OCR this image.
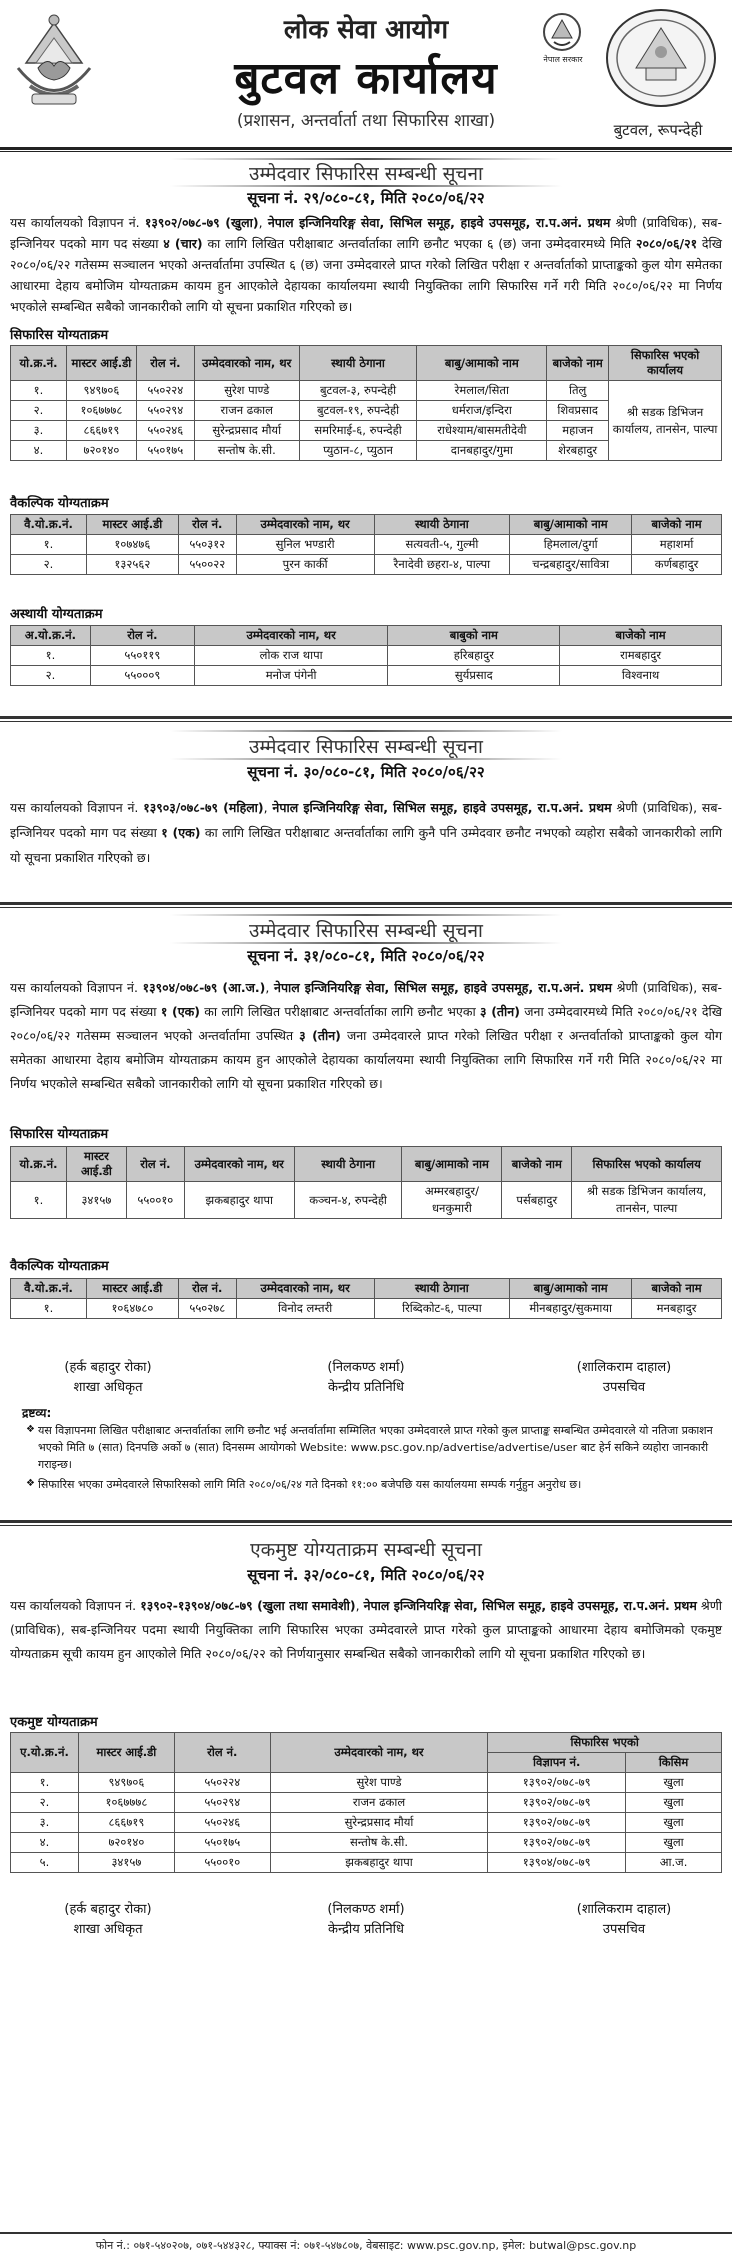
लोक सेवा आयोग
बुटवल कार्यालय
(प्रशासन, अन्तर्वार्ता तथा सिफारिस शाखा)
नेपाल सरकार
बुटवल, रूपन्देही
उम्मेदवार सिफारिस सम्बन्धी सूचना
सूचना नं. २९/०८०-८१, मिति २०८०/०६/२२

यस कार्यालयको विज्ञापन नं. १३९०२/०७८-७९ (खुला), नेपाल इन्जिनियरिङ्ग सेवा, सिभिल समूह, हाइवे उपसमूह, रा.प.अनं. प्रथम श्रेणी (प्राविधिक), सब-इन्जिनियर पदको माग पद संख्या ४ (चार) का लागि लिखित परीक्षाबाट अन्तर्वार्ताका लागि छनौट भएका ६ (छ) जना उम्मेदवारमध्ये मिति २०८०/०६/२१ देखि २०८०/०६/२२ गतेसम्म सञ्चालन भएको अन्तर्वार्तामा उपस्थित ६ (छ) जना उम्मेदवारले प्राप्त गरेको लिखित परीक्षा र अन्तर्वार्ताको प्राप्ताङ्कको कुल योग समेतका आधारमा देहाय बमोजिम योग्यताक्रम कायम हुन आएकोले देहायका कार्यालयमा स्थायी नियुक्तिका लागि सिफारिस गर्ने गरी मिति २०८०/०६/२२ मा निर्णय भएकोले सम्बन्धित सबैको जानकारीको लागि यो सूचना प्रकाशित गरिएको छ।

सिफारिस योग्यताक्रम
यो.क्र.नं.	मास्टर आई.डी	रोल नं.	उम्मेदवारको नाम, थर	स्थायी ठेगाना	बाबु/आमाको नाम	बाजेको नाम	सिफारिस भएको कार्यालय
१.	९४९७०६	५५०२२४	सुरेश पाण्डे	बुटवल-३, रुपन्देही	रेमलाल/सिता	तिलु	श्री सडक डिभिजन कार्यालय, तानसेन, पाल्पा
२.	१०६७७७८	५५०२९४	राजन ढकाल	बुटवल-१९, रुपन्देही	धर्मराज/इन्दिरा	शिवप्रसाद	
३.	८६६७१९	५५०२४६	सुरेन्द्रप्रसाद मौर्या	समरिमाई-६, रुपन्देही	राधेश्याम/बासमतीदेवी	महाजन	
४.	७२०१४०	५५०१७५	सन्तोष के.सी.	प्युठान-८, प्युठान	दानबहादुर/गुमा	शेरबहादुर	
वैकल्पिक योग्यताक्रम
वै.यो.क्र.नं.	मास्टर आई.डी	रोल नं.	उम्मेदवारको नाम, थर	स्थायी ठेगाना	बाबु/आमाको नाम	बाजेको नाम
१.	१०७४७६	५५०३१२	सुनिल भण्डारी	सत्यवती-५, गुल्मी	हिमलाल/दुर्गा	महाशर्मा
२.	१३२५६२	५५००२२	पुरन कार्की	रैनादेवी छहरा-४, पाल्पा	चन्द्रबहादुर/सावित्रा	कर्णबहादुर
अस्थायी योग्यताक्रम
अ.यो.क्र.नं.	रोल नं.	उम्मेदवारको नाम, थर	बाबुको नाम	बाजेको नाम
१.	५५०११९	लोक राज थापा	हरिबहादुर	रामबहादुर
२.	५५०००९	मनोज पंगेनी	सुर्यप्रसाद	विश्वनाथ
उम्मेदवार सिफारिस सम्बन्धी सूचना
सूचना नं. ३०/०८०-८१, मिति २०८०/०६/२२

यस कार्यालयको विज्ञापन नं. १३९०३/०७८-७९ (महिला), नेपाल इन्जिनियरिङ्ग सेवा, सिभिल समूह, हाइवे उपसमूह, रा.प.अनं. प्रथम श्रेणी (प्राविधिक), सब-इन्जिनियर पदको माग पद संख्या १ (एक) का लागि लिखित परीक्षाबाट अन्तर्वार्ताका लागि कुनै पनि उम्मेदवार छनौट नभएको व्यहोरा सबैको जानकारीको लागि यो सूचना प्रकाशित गरिएको छ।

उम्मेदवार सिफारिस सम्बन्धी सूचना
सूचना नं. ३१/०८०-८१, मिति २०८०/०६/२२

यस कार्यालयको विज्ञापन नं. १३९०४/०७८-७९ (आ.ज.), नेपाल इन्जिनियरिङ्ग सेवा, सिभिल समूह, हाइवे उपसमूह, रा.प.अनं. प्रथम श्रेणी (प्राविधिक), सब-इन्जिनियर पदको माग पद संख्या १ (एक) का लागि लिखित परीक्षाबाट अन्तर्वार्ताका लागि छनौट भएका ३ (तीन) जना उम्मेदवारमध्ये मिति २०८०/०६/२१ देखि २०८०/०६/२२ गतेसम्म सञ्चालन भएको अन्तर्वार्तामा उपस्थित ३ (तीन) जना उम्मेदवारले प्राप्त गरेको लिखित परीक्षा र अन्तर्वार्ताको प्राप्ताङ्कको कुल योग समेतका आधारमा देहाय बमोजिम योग्यताक्रम कायम हुन आएकोले देहायका कार्यालयमा स्थायी नियुक्तिका लागि सिफारिस गर्ने गरी मिति २०८०/०६/२२ मा निर्णय भएकोले सम्बन्धित सबैको जानकारीको लागि यो सूचना प्रकाशित गरिएको छ।

सिफारिस योग्यताक्रम
यो.क्र.नं.	मास्टर आई.डी	रोल नं.	उम्मेदवारको नाम, थर	स्थायी ठेगाना	बाबु/आमाको नाम	बाजेको नाम	सिफारिस भएको कार्यालय
१.	३४१५७	५५००१०	झकबहादुर थापा	कञ्चन-४, रुपन्देही	अम्मरबहादुर/धनकुमारी	पर्सबहादुर	श्री सडक डिभिजन कार्यालय, तानसेन, पाल्पा
वैकल्पिक योग्यताक्रम
वै.यो.क्र.नं.	मास्टर आई.डी	रोल नं.	उम्मेदवारको नाम, थर	स्थायी ठेगाना	बाबु/आमाको नाम	बाजेको नाम
१.	१०६४७८०	५५०२७८	विनोद लम्तरी	रिब्दिकोट-६, पाल्पा	मीनबहादुर/सुकमाया	मनबहादुर
(हर्क बहादुर रोका)
शाखा अधिकृत
(निलकण्ठ शर्मा)
केन्द्रीय प्रतिनिधि
(शालिकराम दाहाल)
उपसचिव
द्रष्टव्य:
❖ यस विज्ञापनमा लिखित परीक्षाबाट अन्तर्वार्ताका लागि छनौट भई अन्तर्वार्तामा सम्मिलित भएका उम्मेदवारले प्राप्त गरेको कुल प्राप्ताङ्क सम्बन्धित उम्मेदवारले यो नतिजा प्रकाशन भएको मिति ७ (सात) दिनपछि अर्को ७ (सात) दिनसम्म आयोगको Website: www.psc.gov.np/advertise/advertise/user बाट हेर्न सकिने व्यहोरा जानकारी गराइन्छ।

❖ सिफारिस भएका उम्मेदवारले सिफारिसको लागि मिति २०८०/०६/२४ गते दिनको ११:०० बजेपछि यस कार्यालयमा सम्पर्क गर्नुहुन अनुरोध छ।

एकमुष्ट योग्यताक्रम सम्बन्धी सूचना
सूचना नं. ३२/०८०-८१, मिति २०८०/०६/२२

यस कार्यालयको विज्ञापन नं. १३९०२-१३९०४/०७८-७९ (खुला तथा समावेशी), नेपाल इन्जिनियरिङ्ग सेवा, सिभिल समूह, हाइवे उपसमूह, रा.प.अनं. प्रथम श्रेणी (प्राविधिक), सब-इन्जिनियर पदमा स्थायी नियुक्तिका लागि सिफारिस भएका उम्मेदवारले प्राप्त गरेको कुल प्राप्ताङ्कको आधारमा देहाय बमोजिमको एकमुष्ट योग्यताक्रम सूची कायम हुन आएकोले मिति २०८०/०६/२२ को निर्णयानुसार सम्बन्धित सबैको जानकारीको लागि यो सूचना प्रकाशित गरिएको छ।

एकमुष्ट योग्यताक्रम
ए.यो.क्र.नं.	मास्टर आई.डी	रोल नं.	उम्मेदवारको नाम, थर	सिफारिस भएको	
				विज्ञापन नं.	किसिम
१.	९४९७०६	५५०२२४	सुरेश पाण्डे	१३९०२/०७८-७९	खुला
२.	१०६७७७८	५५०२९४	राजन ढकाल	१३९०२/०७८-७९	खुला
३.	८६६७१९	५५०२४६	सुरेन्द्रप्रसाद मौर्या	१३९०२/०७८-७९	खुला
४.	७२०१४०	५५०१७५	सन्तोष के.सी.	१३९०२/०७८-७९	खुला
५.	३४१५७	५५००१०	झकबहादुर थापा	१३९०४/०७८-७९	आ.ज.
(हर्क बहादुर रोका)
शाखा अधिकृत
(निलकण्ठ शर्मा)
केन्द्रीय प्रतिनिधि
(शालिकराम दाहाल)
उपसचिव
फोन नं.: ०७१-५४०२०७, ०७१-५४४३२८, फ्याक्स नं: ०७१-५४७८०७, वेबसाइट: www.psc.gov.np, इमेल: butwal@psc.gov.np
